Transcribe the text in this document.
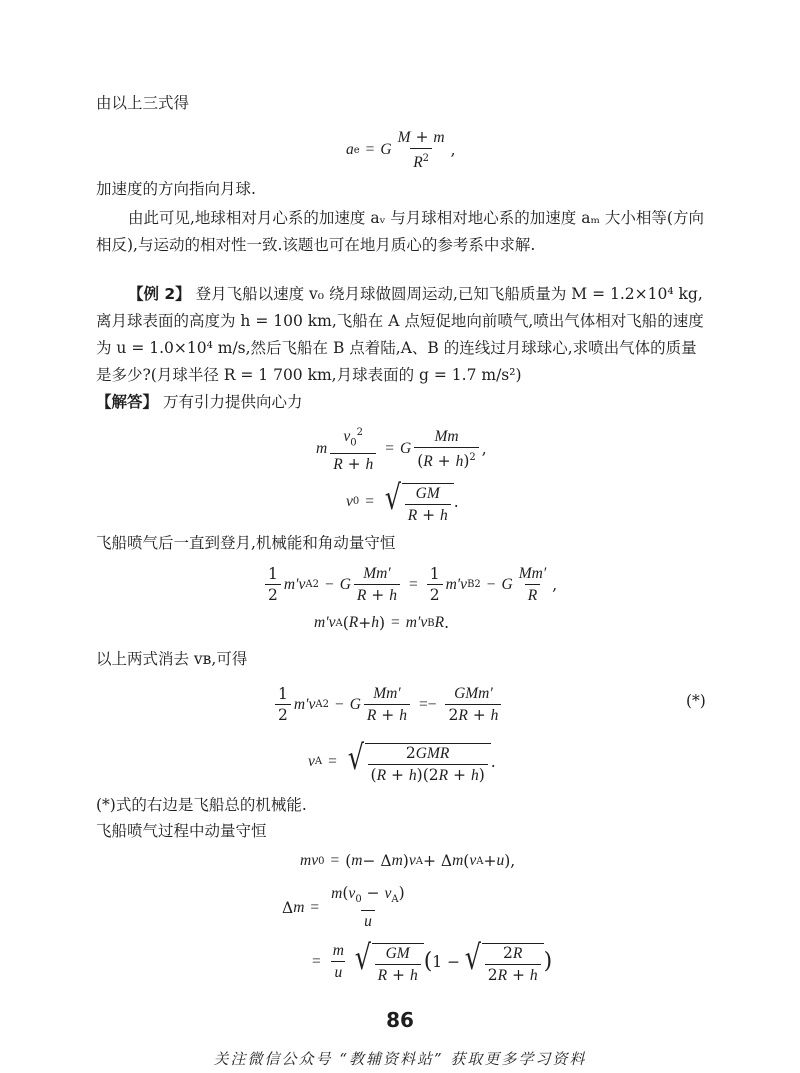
由以上三式得

a e = G $\frac{M + m}{R^2}$ ,

加速度的方向指向月球.

由此可见,地球相对月心系的加速度 aᵥ 与月球相对地心系的加速度 aₘ 大小相等(方向相反),与运动的相对性一致.该题也可在地月质心的参考系中求解.

【例 2】 登月飞船以速度 v₀ 绕月球做圆周运动,已知飞船质量为 M = 1.2×10⁴ kg,离月球表面的高度为 h = 100 km,飞船在 A 点短促地向前喷气,喷出气体相对飞船的速度为 u = 1.0×10⁴ m/s,然后飞船在 B 点着陆,A、B 的连线过月球球心,求喷出气体的质量是多少?(月球半径 R = 1 700 km,月球表面的 g = 1.7 m/s²)

【解答】 万有引力提供向心力

m $\frac{v_0^2}{R + h} = G \frac{Mm}{(R + h)^2}$ ,
v 0 = √ $\frac{GM}{R + h}$ .

飞船喷气后一直到登月,机械能和角动量守恒

$\frac{1}{2} m'v$ A 2 − G $\frac{Mm'}{R + h} = \frac{1}{2} m'v$ B 2 − G $\frac{Mm'}{R}$ ,
m′v A ( R + h ) = m′v B R .

以上两式消去 vʙ,可得

$\frac{1}{2} m'v$ A 2 − G $\frac{Mm'}{R + h} =- \frac{\text{GMm′}}{2R + h}$	(*)
v A = √ $\frac{\text{2GMR}}{(R + h)(2R + h)}$ .

(*)式的右边是飞船总的机械能.

飞船喷气过程中动量守恒

mv 0 = ( m − Δ m ) v A + Δ m ( v A + u ),
Δ $m = \frac{m(v_0 - v_A)}{u}$
= $\frac{m}{u}$ √ $\frac{GM}{R + h}$ ( 1 − √ $\frac{2R}{2R + h}$ )
86
关注微信公众号 “教辅资料站” 获取更多学习资料
